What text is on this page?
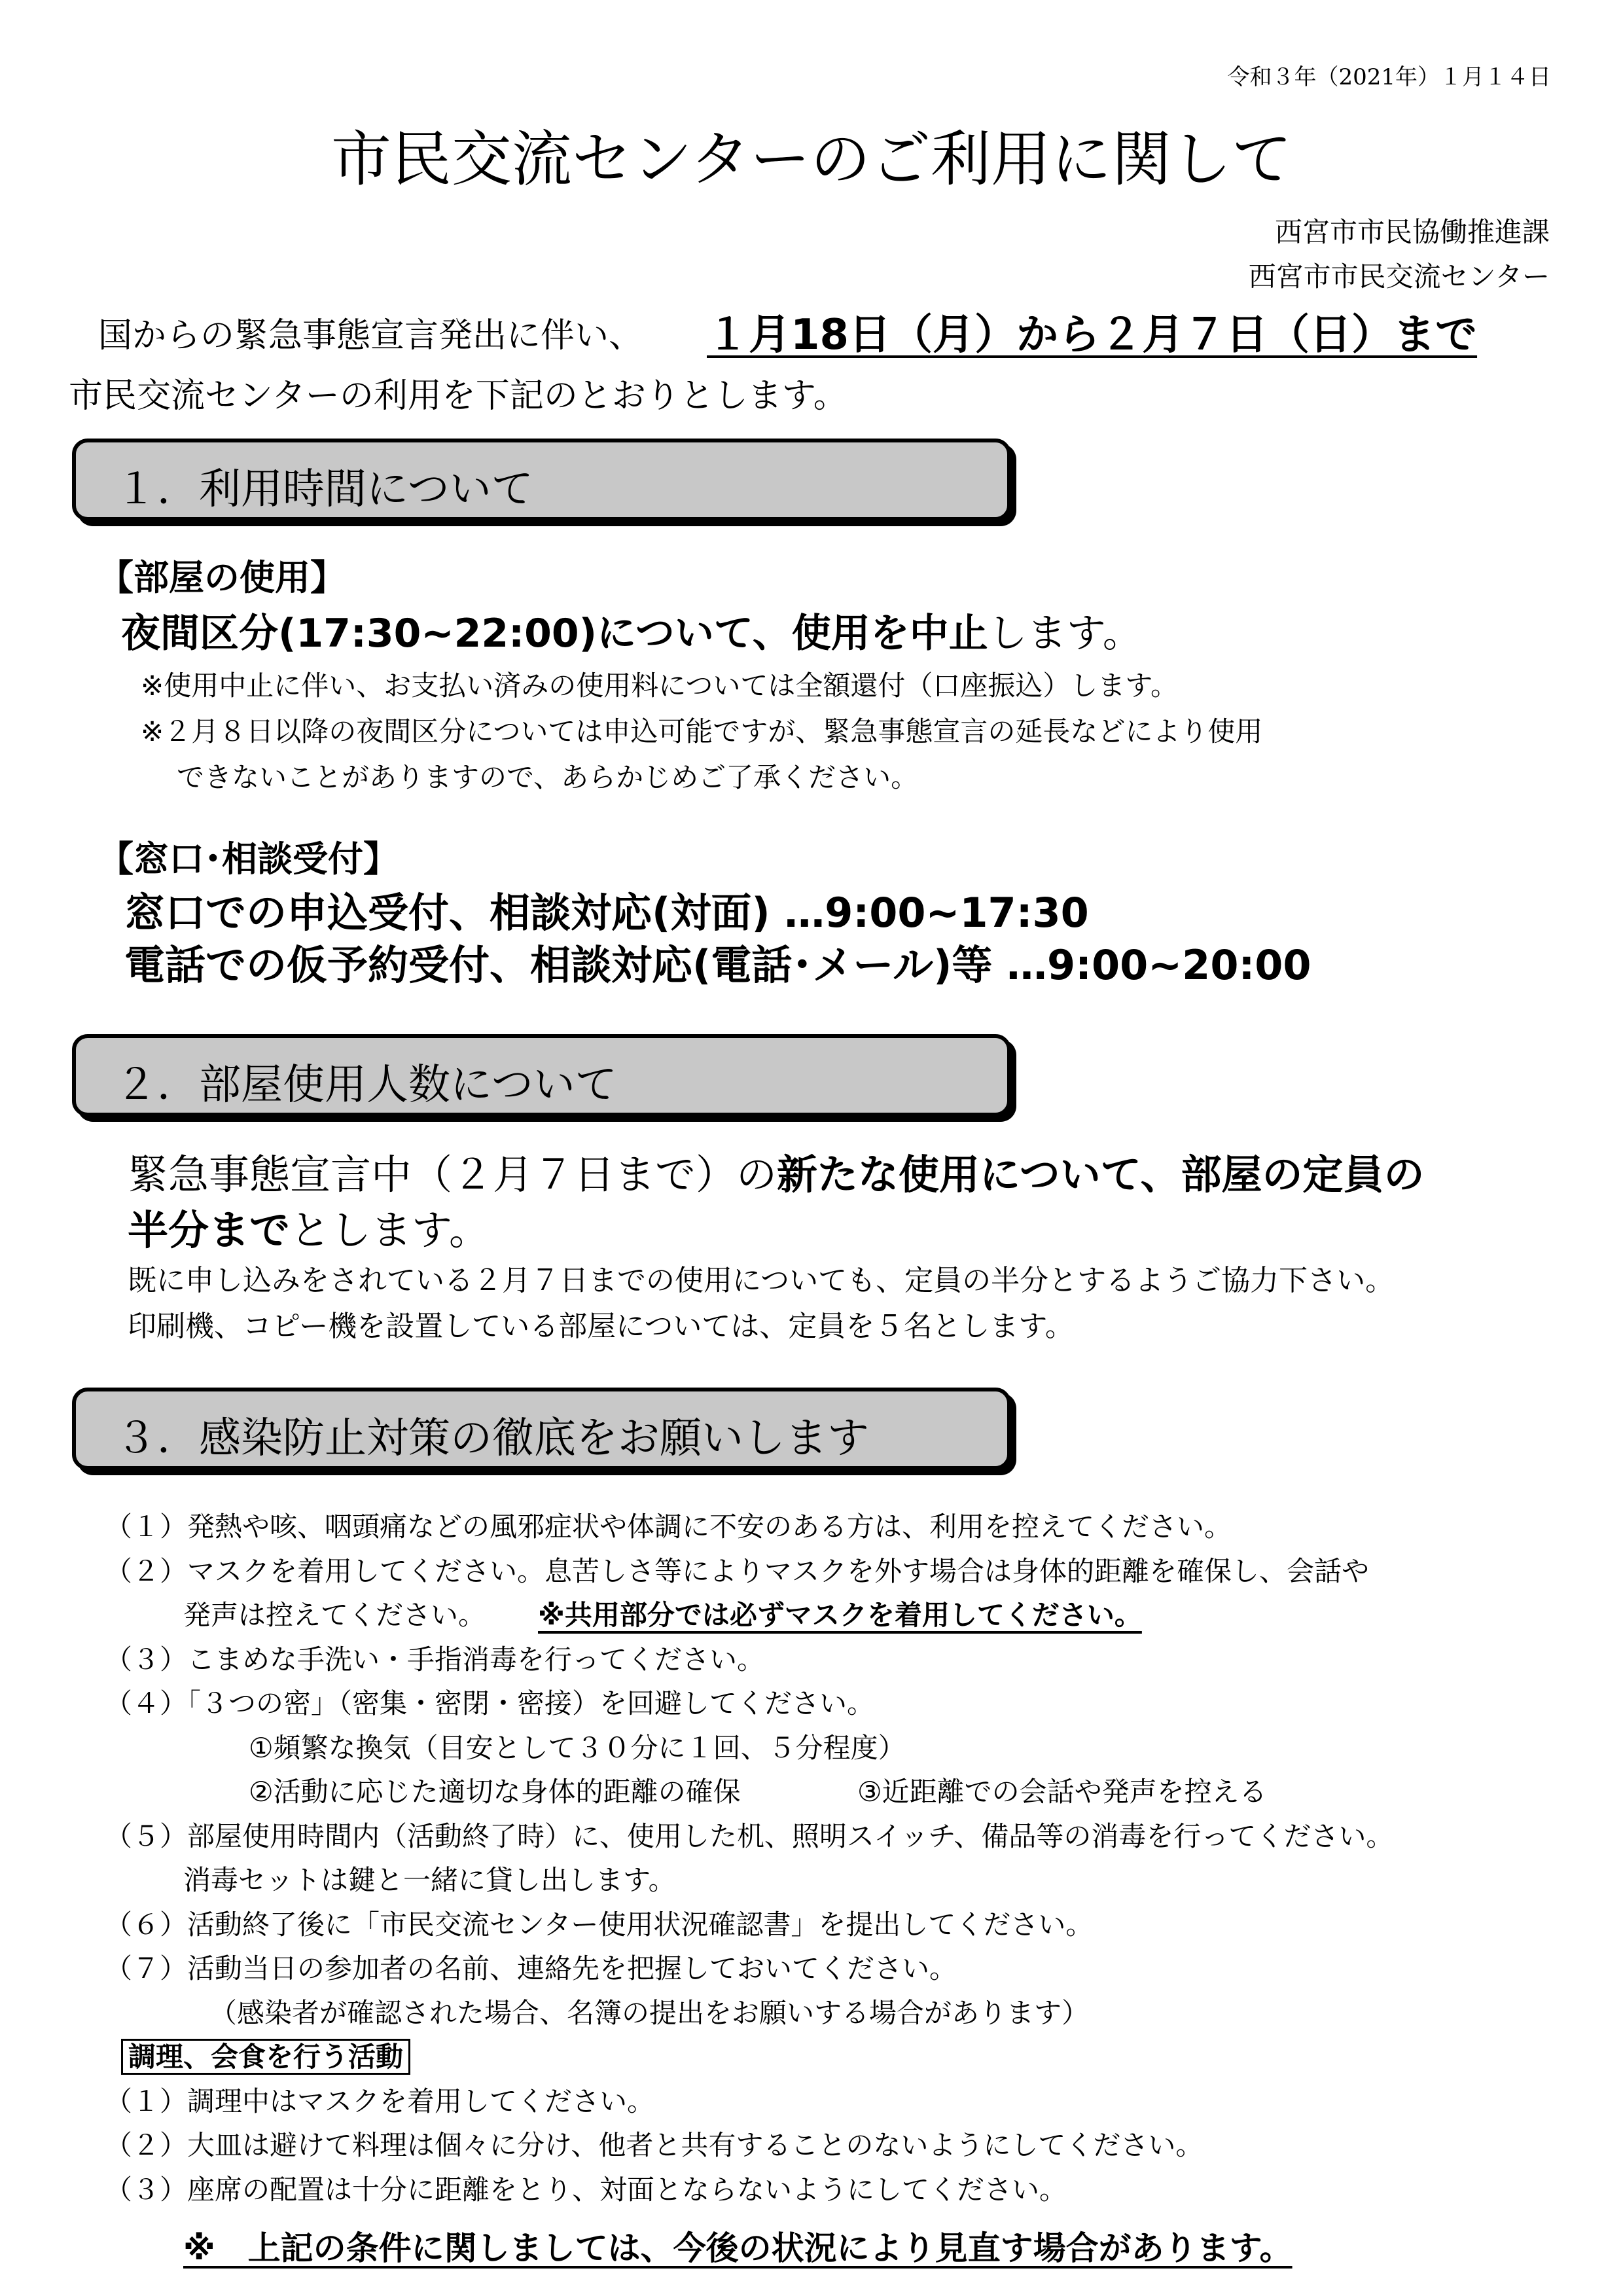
令和３年（2021年）１月１４日
市民交流センターのご利用に関して
西宮市市民協働推進課
西宮市市民交流センター
国からの緊急事態宣言発出に伴い、 １月18日（月）から２月７日（日）まで
市民交流センターの利用を下記のとおりとします。
１．利用時間について
【部屋の使用】
夜間区分(17:30~22:00)について、使用を中止します。
※使用中止に伴い、お支払い済みの使用料については全額還付（口座振込）します。
※２月８日以降の夜間区分については申込可能ですが、緊急事態宣言の延長などにより使用
できないことがありますので、あらかじめご了承ください。
【窓口･相談受付】
窓口での申込受付、相談対応(対面) …9:00~17:30
電話での仮予約受付、相談対応(電話･メール)等 …9:00~20:00
２．部屋使用人数について
緊急事態宣言中（２月７日まで）の新たな使用について、部屋の定員の
半分までとします。
既に申し込みをされている２月７日までの使用についても、定員の半分とするようご協力下さい。
印刷機、コピー機を設置している部屋については、定員を５名とします。
３．感染防止対策の徹底をお願いします
（１）発熱や咳、咽頭痛などの風邪症状や体調に不安のある方は、利用を控えてください。
（２）マスクを着用してください。息苦しさ等によりマスクを外す場合は身体的距離を確保し、会話や
発声は控えてください。 ※共用部分では必ずマスクを着用してください。
（３）こまめな手洗い・手指消毒を行ってください。
（４）「３つの密」（密集・密閉・密接）を回避してください。
①頻繁な換気（目安として３０分に１回、５分程度）
②活動に応じた適切な身体的距離の確保	③近距離での会話や発声を控える
（５）部屋使用時間内（活動終了時）に、使用した机、照明スイッチ、備品等の消毒を行ってください。
消毒セットは鍵と一緒に貸し出します。
（６）活動終了後に「市民交流センター使用状況確認書」を提出してください。
（７）活動当日の参加者の名前、連絡先を把握しておいてください。
（感染者が確認された場合、名簿の提出をお願いする場合があります）
調理、会食を行う活動
（１）調理中はマスクを着用してください。
（２）大皿は避けて料理は個々に分け、他者と共有することのないようにしてください。
（３）座席の配置は十分に距離をとり、対面とならないようにしてください。
※　上記の条件に関しましては、今後の状況により見直す場合があります。
